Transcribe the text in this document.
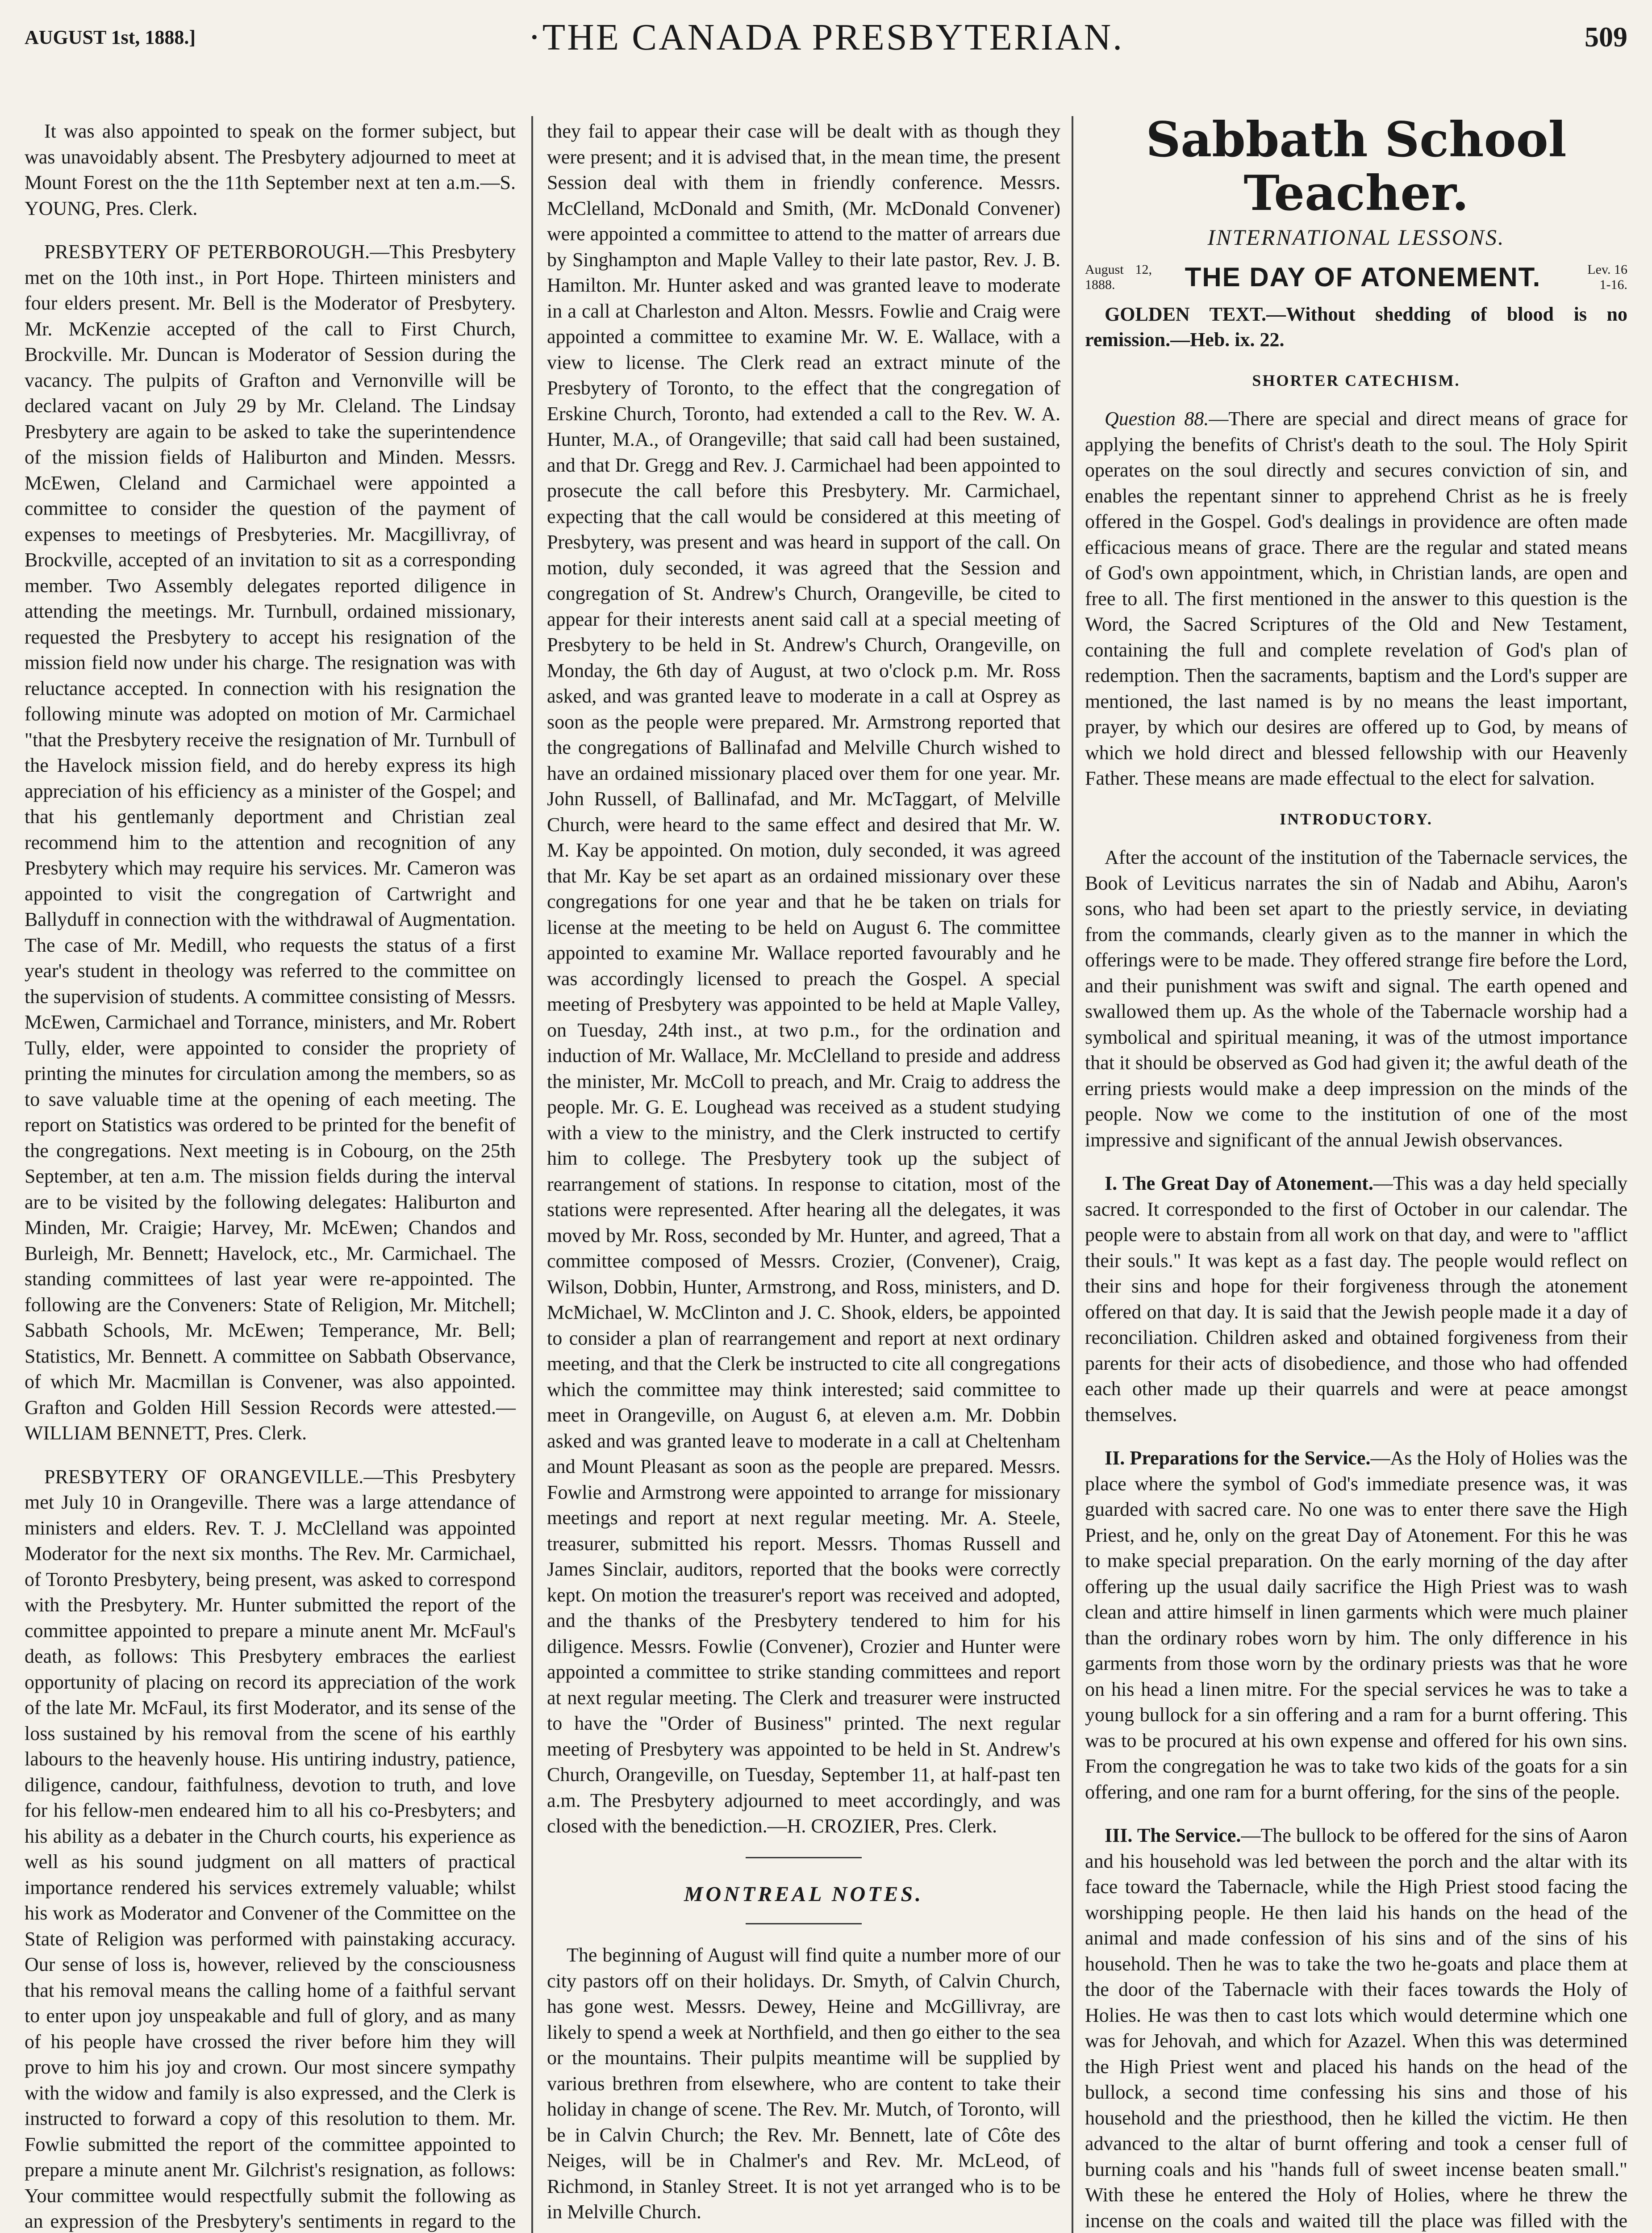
AUGUST 1st, 1888.]	·THE CANADA PRESBYTERIAN.	509

It was also appointed to speak on the former subject, but was unavoidably absent. The Presbytery adjourned to meet at Mount Forest on the the 11th September next at ten a.m.—S. YOUNG, Pres. Clerk.

PRESBYTERY OF PETERBOROUGH.—This Presbytery met on the 10th inst., in Port Hope. Thirteen ministers and four elders present. Mr. Bell is the Moderator of Presbytery. Mr. McKenzie accepted of the call to First Church, Brockville. Mr. Duncan is Moderator of Session during the vacancy. The pulpits of Grafton and Vernonville will be declared vacant on July 29 by Mr. Cleland. The Lindsay Presbytery are again to be asked to take the superintendence of the mission fields of Haliburton and Minden. Messrs. McEwen, Cleland and Carmichael were appointed a committee to consider the question of the payment of expenses to meetings of Presbyteries. Mr. Macgillivray, of Brockville, accepted of an invitation to sit as a corresponding member. Two Assembly delegates reported diligence in attending the meetings. Mr. Turnbull, ordained missionary, requested the Presbytery to accept his resignation of the mission field now under his charge. The resignation was with reluctance accepted. In connection with his resignation the following minute was adopted on motion of Mr. Carmichael "that the Presbytery receive the resignation of Mr. Turnbull of the Havelock mission field, and do hereby express its high appreciation of his efficiency as a minister of the Gospel; and that his gentlemanly deportment and Christian zeal recommend him to the attention and recognition of any Presbytery which may require his services. Mr. Cameron was appointed to visit the congregation of Cartwright and Ballyduff in connection with the withdrawal of Augmentation. The case of Mr. Medill, who requests the status of a first year's student in theology was referred to the committee on the supervision of students. A committee consisting of Messrs. McEwen, Carmichael and Torrance, ministers, and Mr. Robert Tully, elder, were appointed to consider the propriety of printing the minutes for circulation among the members, so as to save valuable time at the opening of each meeting. The report on Statistics was ordered to be printed for the benefit of the congregations. Next meeting is in Cobourg, on the 25th September, at ten a.m. The mission fields during the interval are to be visited by the following delegates: Haliburton and Minden, Mr. Craigie; Harvey, Mr. McEwen; Chandos and Burleigh, Mr. Bennett; Havelock, etc., Mr. Carmichael. The standing committees of last year were re-appointed. The following are the Conveners: State of Religion, Mr. Mitchell; Sabbath Schools, Mr. McEwen; Temperance, Mr. Bell; Statistics, Mr. Bennett. A committee on Sabbath Observance, of which Mr. Macmillan is Convener, was also appointed. Grafton and Golden Hill Session Records were attested.—WILLIAM BENNETT, Pres. Clerk.

PRESBYTERY OF ORANGEVILLE.—This Presbytery met July 10 in Orangeville. There was a large attendance of ministers and elders. Rev. T. J. McClelland was appointed Moderator for the next six months. The Rev. Mr. Carmichael, of Toronto Presbytery, being present, was asked to correspond with the Presbytery. Mr. Hunter submitted the report of the committee appointed to prepare a minute anent Mr. McFaul's death, as follows: This Presbytery embraces the earliest opportunity of placing on record its appreciation of the work of the late Mr. McFaul, its first Moderator, and its sense of the loss sustained by his removal from the scene of his earthly labours to the heavenly house. His untiring industry, patience, diligence, candour, faithfulness, devotion to truth, and love for his fellow-men endeared him to all his co-Presbyters; and his ability as a debater in the Church courts, his experience as well as his sound judgment on all matters of practical importance rendered his services extremely valuable; whilst his work as Moderator and Convener of the Committee on the State of Religion was performed with painstaking accuracy. Our sense of loss is, however, relieved by the consciousness that his removal means the calling home of a faithful servant to enter upon joy unspeakable and full of glory, and as many of his people have crossed the river before him they will prove to him his joy and crown. Our most sincere sympathy with the widow and family is also expressed, and the Clerk is instructed to forward a copy of this resolution to them. Mr. Fowlie submitted the report of the committee appointed to prepare a minute anent Mr. Gilchrist's resignation, as follows: Your committee would respectfully submit the following as an expression of the Presbytery's sentiments in regard to the

they fail to appear their case will be dealt with as though they were present; and it is advised that, in the mean time, the present Session deal with them in friendly conference. Messrs. McClelland, McDonald and Smith, (Mr. McDonald Convener) were appointed a committee to attend to the matter of arrears due by Singhampton and Maple Valley to their late pastor, Rev. J. B. Hamilton. Mr. Hunter asked and was granted leave to moderate in a call at Charleston and Alton. Messrs. Fowlie and Craig were appointed a committee to examine Mr. W. E. Wallace, with a view to license. The Clerk read an extract minute of the Presbytery of Toronto, to the effect that the congregation of Erskine Church, Toronto, had extended a call to the Rev. W. A. Hunter, M.A., of Orangeville; that said call had been sustained, and that Dr. Gregg and Rev. J. Carmichael had been appointed to prosecute the call before this Presbytery. Mr. Carmichael, expecting that the call would be considered at this meeting of Presbytery, was present and was heard in support of the call. On motion, duly seconded, it was agreed that the Session and congregation of St. Andrew's Church, Orangeville, be cited to appear for their interests anent said call at a special meeting of Presbytery to be held in St. Andrew's Church, Orangeville, on Monday, the 6th day of August, at two o'clock p.m. Mr. Ross asked, and was granted leave to moderate in a call at Osprey as soon as the people were prepared. Mr. Armstrong reported that the congregations of Ballinafad and Melville Church wished to have an ordained missionary placed over them for one year. Mr. John Russell, of Ballinafad, and Mr. McTaggart, of Melville Church, were heard to the same effect and desired that Mr. W. M. Kay be appointed. On motion, duly seconded, it was agreed that Mr. Kay be set apart as an ordained missionary over these congregations for one year and that he be taken on trials for license at the meeting to be held on August 6. The committee appointed to examine Mr. Wallace reported favourably and he was accordingly licensed to preach the Gospel. A special meeting of Presbytery was appointed to be held at Maple Valley, on Tuesday, 24th inst., at two p.m., for the ordination and induction of Mr. Wallace, Mr. McClelland to preside and address the minister, Mr. McColl to preach, and Mr. Craig to address the people. Mr. G. E. Loughead was received as a student studying with a view to the ministry, and the Clerk instructed to certify him to college. The Presbytery took up the subject of rearrangement of stations. In response to citation, most of the stations were represented. After hearing all the delegates, it was moved by Mr. Ross, seconded by Mr. Hunter, and agreed, That a committee composed of Messrs. Crozier, (Convener), Craig, Wilson, Dobbin, Hunter, Armstrong, and Ross, ministers, and D. McMichael, W. McClinton and J. C. Shook, elders, be appointed to consider a plan of rearrangement and report at next ordinary meeting, and that the Clerk be instructed to cite all congregations which the committee may think interested; said committee to meet in Orangeville, on August 6, at eleven a.m. Mr. Dobbin asked and was granted leave to moderate in a call at Cheltenham and Mount Pleasant as soon as the people are prepared. Messrs. Fowlie and Armstrong were appointed to arrange for missionary meetings and report at next regular meeting. Mr. A. Steele, treasurer, submitted his report. Messrs. Thomas Russell and James Sinclair, auditors, reported that the books were correctly kept. On motion the treasurer's report was received and adopted, and the thanks of the Presbytery tendered to him for his diligence. Messrs. Fowlie (Convener), Crozier and Hunter were appointed a committee to strike standing committees and report at next regular meeting. The Clerk and treasurer were instructed to have the "Order of Business" printed. The next regular meeting of Presbytery was appointed to be held in St. Andrew's Church, Orangeville, on Tuesday, September 11, at half-past ten a.m. The Presbytery adjourned to meet accordingly, and was closed with the benediction.—H. CROZIER, Pres. Clerk.

MONTREAL NOTES.

The beginning of August will find quite a number more of our city pastors off on their holidays. Dr. Smyth, of Calvin Church, has gone west. Messrs. Dewey, Heine and McGillivray, are likely to spend a week at Northfield, and then go either to the sea or the mountains. Their pulpits meantime will be supplied by various brethren from elsewhere, who are content to take their holiday in change of scene. The Rev. Mr. Mutch, of Toronto, will be in Calvin Church; the Rev. Mr. Bennett, late of Côte des Neiges, will be in Chalmer's and Rev. Mr. McLeod, of Richmond, in Stanley Street. It is not yet arranged who is to be in Melville Church.

Sabbath School Teacher.
INTERNATIONAL LESSONS.
August 12, 1888.	THE DAY OF ATONEMENT.	Lev. 16 1-16.

GOLDEN TEXT.—Without shedding of blood is no remission.—Heb. ix. 22.

SHORTER CATECHISM.

Question 88.—There are special and direct means of grace for applying the benefits of Christ's death to the soul. The Holy Spirit operates on the soul directly and secures conviction of sin, and enables the repentant sinner to apprehend Christ as he is freely offered in the Gospel. God's dealings in providence are often made efficacious means of grace. There are the regular and stated means of God's own appointment, which, in Christian lands, are open and free to all. The first mentioned in the answer to this question is the Word, the Sacred Scriptures of the Old and New Testament, containing the full and complete revelation of God's plan of redemption. Then the sacraments, baptism and the Lord's supper are mentioned, the last named is by no means the least important, prayer, by which our desires are offered up to God, by means of which we hold direct and blessed fellowship with our Heavenly Father. These means are made effectual to the elect for salvation.

INTRODUCTORY.

After the account of the institution of the Tabernacle services, the Book of Leviticus narrates the sin of Nadab and Abihu, Aaron's sons, who had been set apart to the priestly service, in deviating from the commands, clearly given as to the manner in which the offerings were to be made. They offered strange fire before the Lord, and their punishment was swift and signal. The earth opened and swallowed them up. As the whole of the Tabernacle worship had a symbolical and spiritual meaning, it was of the utmost importance that it should be observed as God had given it; the awful death of the erring priests would make a deep impression on the minds of the people. Now we come to the institution of one of the most impressive and significant of the annual Jewish observances.

I. The Great Day of Atonement.—This was a day held specially sacred. It corresponded to the first of October in our calendar. The people were to abstain from all work on that day, and were to "afflict their souls." It was kept as a fast day. The people would reflect on their sins and hope for their forgiveness through the atonement offered on that day. It is said that the Jewish people made it a day of reconciliation. Children asked and obtained forgiveness from their parents for their acts of disobedience, and those who had offended each other made up their quarrels and were at peace amongst themselves.

II. Preparations for the Service.—As the Holy of Holies was the place where the symbol of God's immediate presence was, it was guarded with sacred care. No one was to enter there save the High Priest, and he, only on the great Day of Atonement. For this he was to make special preparation. On the early morning of the day after offering up the usual daily sacrifice the High Priest was to wash clean and attire himself in linen garments which were much plainer than the ordinary robes worn by him. The only difference in his garments from those worn by the ordinary priests was that he wore on his head a linen mitre. For the special services he was to take a young bullock for a sin offering and a ram for a burnt offering. This was to be procured at his own expense and offered for his own sins. From the congregation he was to take two kids of the goats for a sin offering, and one ram for a burnt offering, for the sins of the people.

III. The Service.—The bullock to be offered for the sins of Aaron and his household was led between the porch and the altar with its face toward the Tabernacle, while the High Priest stood facing the worshipping people. He then laid his hands on the head of the animal and made confession of his sins and of the sins of his household. Then he was to take the two he-goats and place them at the door of the Tabernacle with their faces towards the Holy of Holies. He was then to cast lots which would determine which one was for Jehovah, and which for Azazel. When this was determined the High Priest went and placed his hands on the head of the bullock, a second time confessing his sins and those of his household and the priesthood, then he killed the victim. He then advanced to the altar of burnt offering and took a censer full of burning coals and his "hands full of sweet incense beaten small." With these he entered the Holy of Holies, where he threw the incense on the coals and waited till the place was filled with the
